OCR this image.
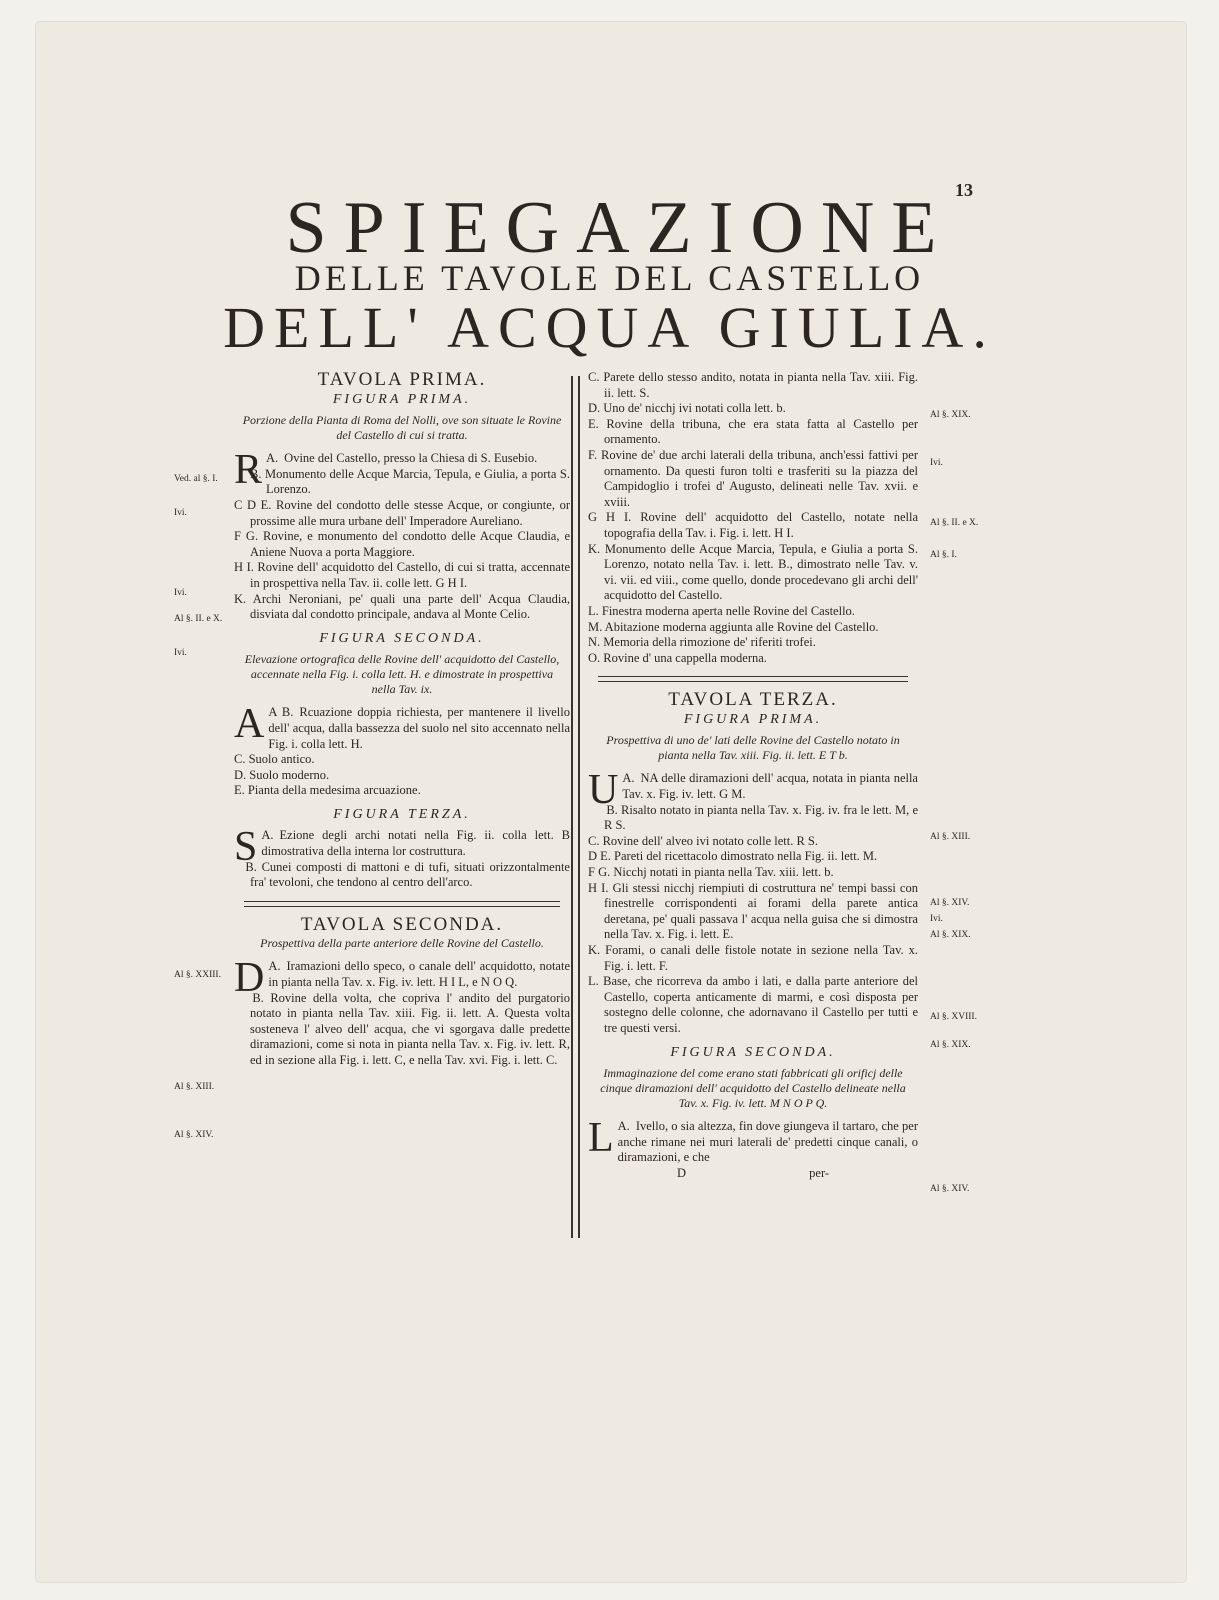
13
SPIEGAZIONE
DELLE TAVOLE DEL CASTELLO
DELL' ACQUA GIULIA.
TAVOLA PRIMA.
FIGURA PRIMA.
Porzione della Pianta di Roma del Nolli, ove son situate le Rovine del Castello di cui si tratta.

A.
R Ovine del Castello, presso la Chiesa di S. Eusebio.

B. Monumento delle Acque Marcia, Tepula, e Giulia, a porta S. Lorenzo.

C D E. Rovine del condotto delle stesse Acque, or congiunte, or prossime alle mura urbane dell' Imperadore Aureliano.

F G. Rovine, e monumento del condotto delle Acque Claudia, e Aniene Nuova a porta Maggiore.

H I. Rovine dell' acquidotto del Castello, di cui si tratta, accennate in prospettiva nella Tav. ii. colle lett. G H I.

K. Archi Neroniani, pe' quali una parte dell' Acqua Claudia, disviata dal condotto principale, andava al Monte Celio.

FIGURA SECONDA.
Elevazione ortografica delle Rovine dell' acquidotto del Castello, accennate nella Fig. i. colla lett. H. e dimostrate in prospettiva nella Tav. ix.

A B.
A	Rcuazione doppia richiesta, per mantenere il livello dell' acqua, dalla bassezza del suolo nel sito accennato nella Fig. i. colla lett. H.

C. Suolo antico.

D. Suolo moderno.

E. Pianta della medesima arcuazione.

FIGURA TERZA.

A.
S Ezione degli archi notati nella Fig. ii. colla lett. B dimostrativa della interna lor costruttura.

B. Cunei composti di mattoni e di tufi, situati orizzontalmente fra' tevoloni, che tendono al centro dell'arco.

TAVOLA SECONDA.
Prospettiva della parte anteriore delle Rovine del Castello.

A.
D Iramazioni dello speco, o canale dell' acquidotto, notate in pianta nella Tav. x. Fig. iv. lett. H I L, e N O Q.

B. Rovine della volta, che copriva l' andito del purgatorio notato in pianta nella Tav. xiii. Fig. ii. lett. A. Questa volta sosteneva l' alveo dell' acqua, che vi sgorgava dalle predette diramazioni, come si nota in pianta nella Tav. x. Fig. iv. lett. R, ed in sezione alla Fig. i. lett. C, e nella Tav. xvi. Fig. i. lett. C.

C. Parete dello stesso andito, notata in pianta nella Tav. xiii. Fig. ii. lett. S.

D. Uno de' nicchj ivi notati colla lett. b.

E. Rovine della tribuna, che era stata fatta al Castello per ornamento.

F. Rovine de' due archi laterali della tribuna, anch'essi fattivi per ornamento. Da questi furon tolti e trasferiti su la piazza del Campidoglio i trofei d' Augusto, delineati nelle Tav. xvii. e xviii.

G H I. Rovine dell' acquidotto del Castello, notate nella topografia della Tav. i. Fig. i. lett. H I.

K. Monumento delle Acque Marcia, Tepula, e Giulia a porta S. Lorenzo, notato nella Tav. i. lett. B., dimostrato nelle Tav. v. vi. vii. ed viii., come quello, donde procedevano gli archi dell' acquidotto del Castello.

L. Finestra moderna aperta nelle Rovine del Castello.

M. Abitazione moderna aggiunta alle Rovine del Castello.

N. Memoria della rimozione de' riferiti trofei.

O. Rovine d' una cappella moderna.

TAVOLA TERZA.
FIGURA PRIMA.
Prospettiva di uno de' lati delle Rovine del Castello notato in pianta nella Tav. xiii. Fig. ii. lett. E T b.

A.
U NA delle diramazioni dell' acqua, notata in pianta nella Tav. x. Fig. iv. lett. G M.

B. Risalto notato in pianta nella Tav. x. Fig. iv. fra le lett. M, e R S.

C. Rovine dell' alveo ivi notato colle lett. R S.

D E. Pareti del ricettacolo dimostrato nella Fig. ii. lett. M.

F G. Nicchj notati in pianta nella Tav. xiii. lett. b.

H I. Gli stessi nicchj riempiuti di costruttura ne' tempi bassi con finestrelle corrispondenti ai forami della parete antica deretana, pe' quali passava l' acqua nella guisa che si dimostra nella Tav. x. Fig. i. lett. E.

K. Forami, o canali delle fistole notate in sezione nella Tav. x. Fig. i. lett. F.

L. Base, che ricorreva da ambo i lati, e dalla parte anteriore del Castello, coperta anticamente di marmi, e così disposta per sostegno delle colonne, che adornavano il Castello per tutti e tre questi versi.

FIGURA SECONDA.
Immaginazione del come erano stati fabbricati gli orificj delle cinque diramazioni dell' acquidotto del Castello delineate nella Tav. x. Fig. iv. lett. M N O P Q.

A.
L Ivello, o sia altezza, fin dove giungeva il tartaro, che per anche rimane nei muri laterali de' predetti cinque canali, o diramazioni, e che

D	per-
Ved. al §. I.
Ivi.
Ivi.
Al §. II. e X.
Ivi.
Al §. XXIII.
Al §. XIII.
Al §. XIV.
Al §. XIX.
Ivi.
Al §. II. e X.
Al §. I.
Al §. XIII.
Al §. XIV.
Ivi.
Al §. XIX.
Al §. XVIII.
Al §. XIX.
Al §. XIV.
